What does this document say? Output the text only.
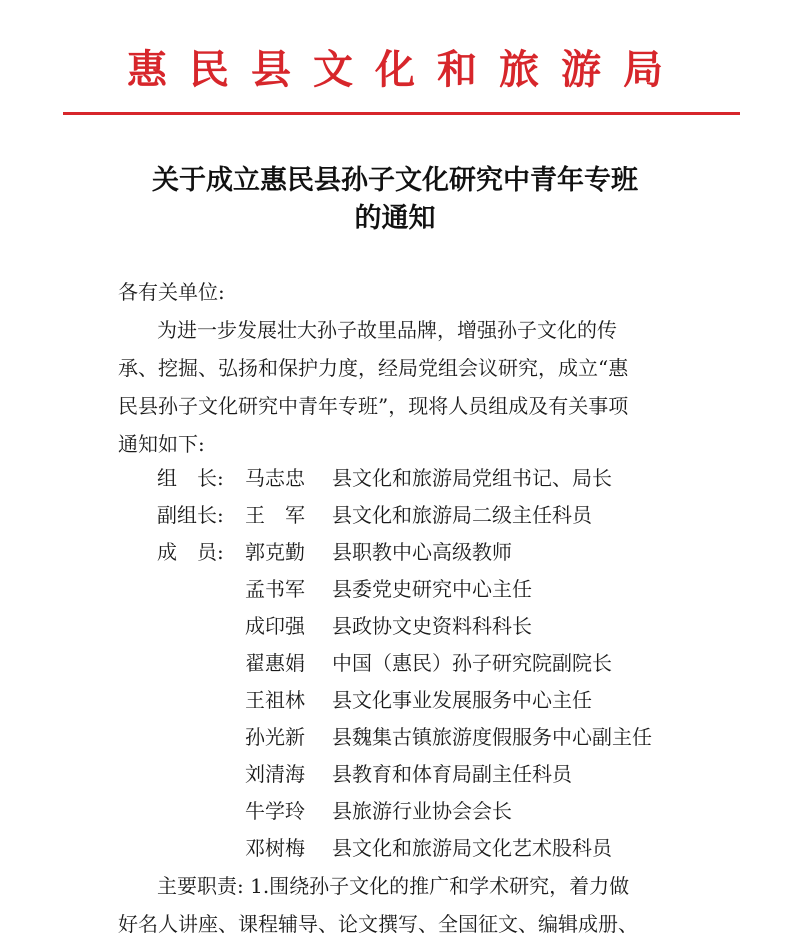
惠民县文化和旅游局
关于成立惠民县孙子文化研究中青年专班
的通知
各有关单位:
为进一步发展壮大孙子故里品牌，增强孙子文化的传
承、挖掘、弘扬和保护力度，经局党组会议研究，成立“惠
民县孙子文化研究中青年专班”，现将人员组成及有关事项
通知如下:
组　长: 马志忠 县文化和旅游局党组书记、局长
副组长: 王　军 县文化和旅游局二级主任科员
成　员: 郭克勤 县职教中心高级教师
孟书军 县委党史研究中心主任
成印强 县政协文史资料科科长
翟惠娟 中国（惠民）孙子研究院副院长
王祖林 县文化事业发展服务中心主任
孙光新 县魏集古镇旅游度假服务中心副主任
刘清海 县教育和体育局副主任科员
牛学玲 县旅游行业协会会长
邓树梅 县文化和旅游局文化艺术股科员
主要职责: 1.围绕孙子文化的推广和学术研究，着力做
好名人讲座、课程辅导、论文撰写、全国征文、编辑成册、
